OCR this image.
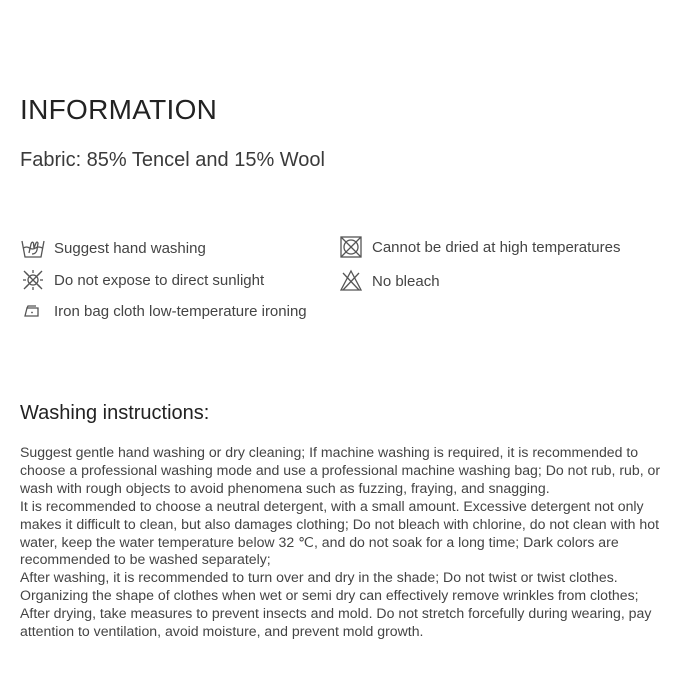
INFORMATION

Fabric: 85% Tencel and 15% Wool

Suggest hand washing
Do not expose to direct sunlight
Iron bag cloth low-temperature ironing
Cannot be dried at high temperatures
No bleach
Washing instructions:

Suggest gentle hand washing or dry cleaning; If machine washing is required, it is recommended to choose a professional washing mode and use a professional machine washing bag; Do not rub, rub, or wash with rough objects to avoid phenomena such as fuzzing, fraying, and snagging.

It is recommended to choose a neutral detergent, with a small amount. Excessive detergent not only makes it difficult to clean, but also damages clothing; Do not bleach with chlorine, do not clean with hot water, keep the water temperature below 32 ℃, and do not soak for a long time; Dark colors are recommended to be washed separately;

After washing, it is recommended to turn over and dry in the shade; Do not twist or twist clothes. Organizing the shape of clothes when wet or semi dry can effectively remove wrinkles from clothes;

After drying, take measures to prevent insects and mold. Do not stretch forcefully during wearing, pay attention to ventilation, avoid moisture, and prevent mold growth.
